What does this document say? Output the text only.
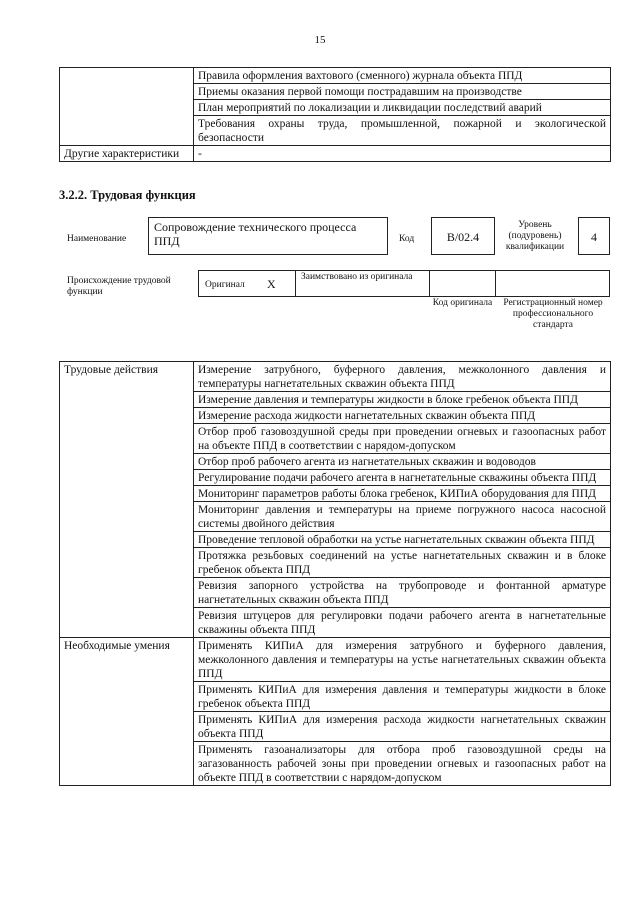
15
	Правила оформления вахтового (сменного) журнала объекта ППД
	Приемы оказания первой помощи пострадавшим на производстве
	План мероприятий по локализации и ликвидации последствий аварий
	Требования охраны труда, промышленной, пожарной и экологической безопасности
Другие характеристики	-
3.2.2. Трудовая функция
Наименование
Сопровождение технического процесса ППД	Код	B/02.4
Уровень (подуровень) квалификации
4
Происхождение трудовой функции
Оригинал X	Заимствовано из оригинала
Код оригинала	Регистрационный номер профессионального стандарта
Трудовые действия	Измерение затрубного, буферного давления, межколонного давления и температуры нагнетательных скважин объекта ППД
	Измерение давления и температуры жидкости в блоке гребенок объекта ППД
	Измерение расхода жидкости нагнетательных скважин объекта ППД
	Отбор проб газовоздушной среды при проведении огневых и газоопасных работ на объекте ППД в соответствии с нарядом-допуском
	Отбор проб рабочего агента из нагнетательных скважин и водоводов
	Регулирование подачи рабочего агента в нагнетательные скважины объекта ППД
	Мониторинг параметров работы блока гребенок, КИПиА оборудования для ППД
	Мониторинг давления и температуры на приеме погружного насоса насосной системы двойного действия
	Проведение тепловой обработки на устье нагнетательных скважин объекта ППД
	Протяжка резьбовых соединений на устье нагнетательных скважин и в блоке гребенок объекта ППД
	Ревизия запорного устройства на трубопроводе и фонтанной арматуре нагнетательных скважин объекта ППД
	Ревизия штуцеров для регулировки подачи рабочего агента в нагнетательные скважины объекта ППД
Необходимые умения	Применять КИПиА для измерения затрубного и буферного давления, межколонного давления и температуры на устье нагнетательных скважин объекта ППД
	Применять КИПиА для измерения давления и температуры жидкости в блоке гребенок объекта ППД
	Применять КИПиА для измерения расхода жидкости нагнетательных скважин объекта ППД
	Применять газоанализаторы для отбора проб газовоздушной среды на загазованность рабочей зоны при проведении огневых и газоопасных работ на объекте ППД в соответствии с нарядом-допуском
